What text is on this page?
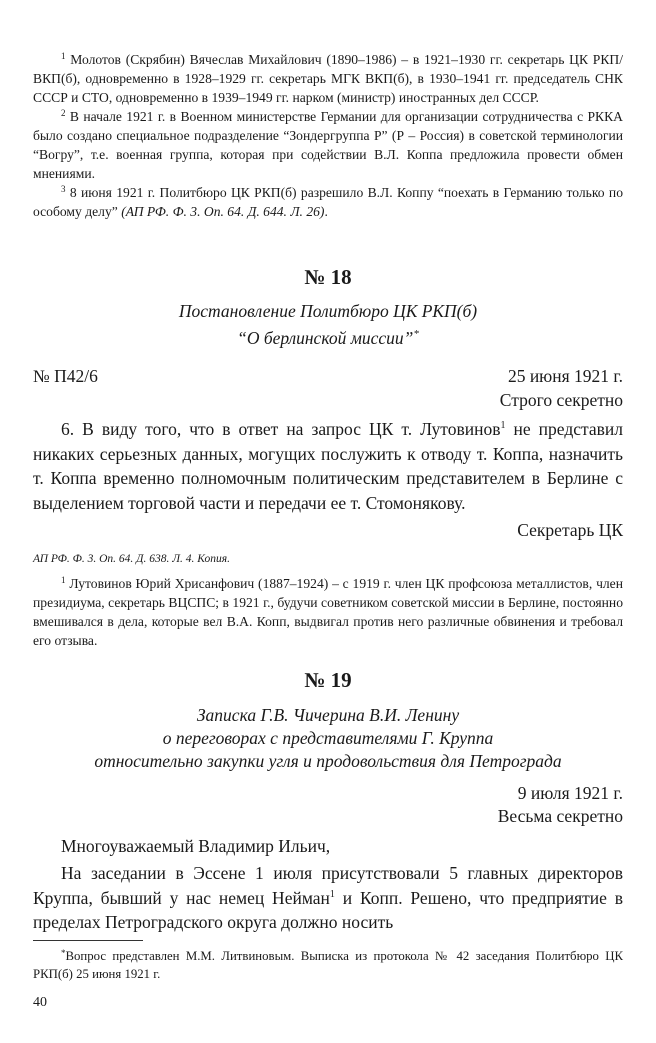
$^1$ Молотов (Скрябин) Вячеслав Михайлович (1890–1986) – в 1921–1930 гг. секретарь ЦК РКП/ВКП(б), одновременно в 1928–1929 гг. секретарь МГК ВКП(б), в 1930–1941 гг. председатель СНК СССР и СТО, одновременно в 1939–1949 гг. нарком (министр) иностранных дел СССР.

$^2$ В начале 1921 г. в Военном министерстве Германии для организации сотрудничества с РККА было создано специальное подразделение “Зондергруппа Р” (Р – Россия) в советской терминологии “Вогру”, т.е. военная группа, которая при содействии В.Л. Коппа предложила провести обмен мнениями.

$^3$ 8 июня 1921 г. Политбюро ЦК РКП(б) разрешило В.Л. Коппу “поехать в Германию только по особому делу” (АП РФ. Ф. 3. Оп. 64. Д. 644. Л. 26).

№ 18
Постановление Политбюро ЦК РКП(б)
“О берлинской миссии”*
№ П42/6	25 июня 1921 г.
Строго секретно

6. В виду того, что в ответ на запрос ЦК т. Лутовинов$^1$ не представил никаких серьезных данных, могущих послужить к отводу т. Коппа, назначить т. Коппа временно полномочным политическим представителем в Берлине с выделением торговой части и передачи ее т. Стомонякову.

Секретарь ЦК
АП РФ. Ф. 3. Оп. 64. Д. 638. Л. 4. Копия.

$^1$ Лутовинов Юрий Хрисанфович (1887–1924) – с 1919 г. член ЦК профсоюза металлистов, член президиума, секретарь ВЦСПС; в 1921 г., будучи советником советской миссии в Берлине, постоянно вмешивался в дела, которые вел В.А. Копп, выдвигал против него различные обвинения и требовал его отзыва.

№ 19
Записка Г.В. Чичерина В.И. Ленину
о переговорах с представителями Г. Круппа
относительно закупки угля и продовольствия для Петрограда
9 июля 1921 г.
Весьма секретно
Многоуважаемый Владимир Ильич,

На заседании в Эссене 1 июля присутствовали 5 главных директоров Круппа, бывший у нас немец Нейман$^1$ и Копп. Решено, что предприятие в пределах Петроградского округа должно носить

*Вопрос представлен М.М. Литвиновым. Выписка из протокола № 42 заседания Политбюро ЦК РКП(б) 25 июня 1921 г.

40
